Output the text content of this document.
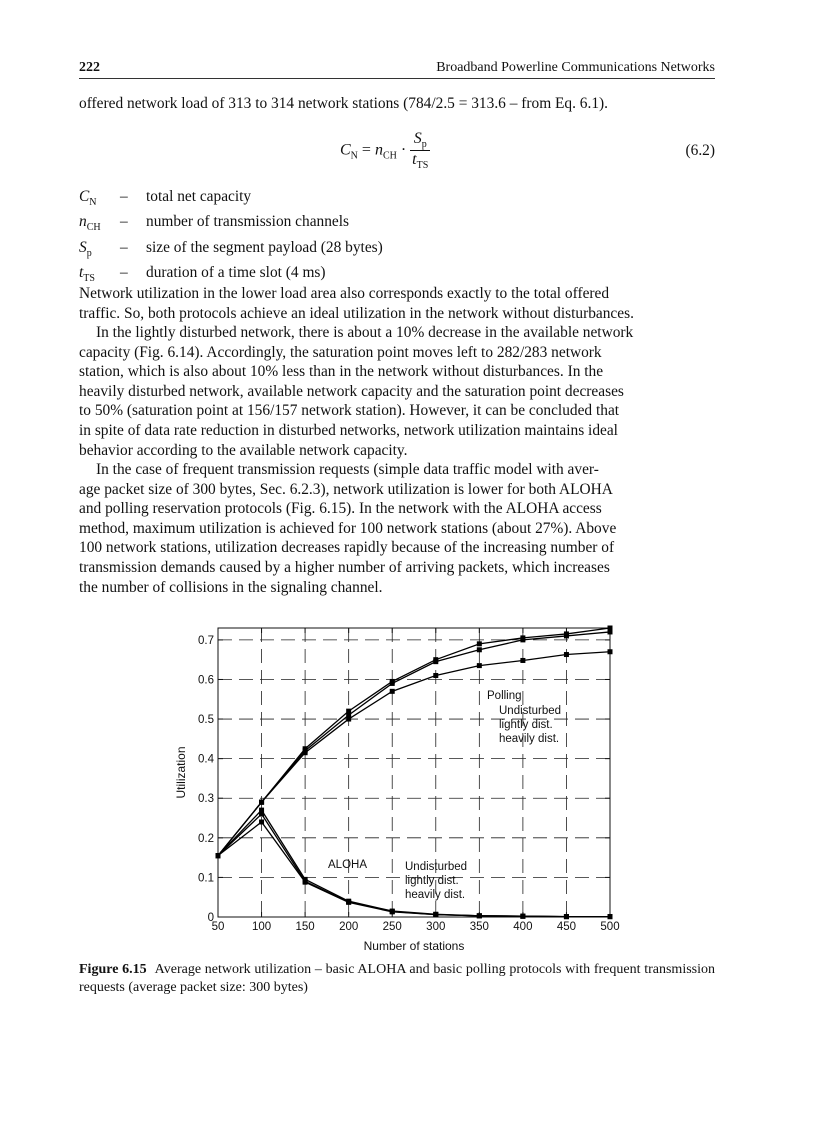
222	Broadband Powerline Communications Networks

offered network load of 313 to 314 network stations (784/2.5 = 313.6 – from Eq. 6.1).

$C_N = n_{CH} \cdot \frac{S_p}{t_{TS}}$	(6.2)
$C_N$	–	total net capacity
$n_{CH}$	–	number of transmission channels
$S_p$	–	size of the segment payload (28 bytes)
$t_{TS}$	–	duration of a time slot (4 ms)
Network utilization in the lower load area also corresponds exactly to the total offered
traffic. So, both protocols achieve an ideal utilization in the network without disturbances.
In the lightly disturbed network, there is about a 10% decrease in the available network
capacity (Fig. 6.14). Accordingly, the saturation point moves left to 282/283 network
station, which is also about 10% less than in the network without disturbances. In the
heavily disturbed network, available network capacity and the saturation point decreases
to 50% (saturation point at 156/157 network station). However, it can be concluded that
in spite of data rate reduction in disturbed networks, network utilization maintains ideal
behavior according to the available network capacity.
In the case of frequent transmission requests (simple data traffic model with aver-
age packet size of 300 bytes, Sec. 6.2.3), network utilization is lower for both ALOHA
and polling reservation protocols (Fig. 6.15). In the network with the ALOHA access
method, maximum utilization is achieved for 100 network stations (about 27%). Above
100 network stations, utilization decreases rapidly because of the increasing number of
transmission demands caused by a higher number of arriving packets, which increases
the number of collisions in the signaling channel.
50 100 150 200 250 300 350 400 450 500
0
0.1
0.2
0.3
0.4
0.5
0.6
0.7
Number of stations
Utilization
Polling
Undisturbed
lightly dist.
heavily dist.
ALOHA	Undisturbed
lightly dist.
heavily dist.
Figure 6.15 Average network utilization – basic ALOHA and basic polling protocols with frequent transmission requests (average packet size: 300 bytes)
